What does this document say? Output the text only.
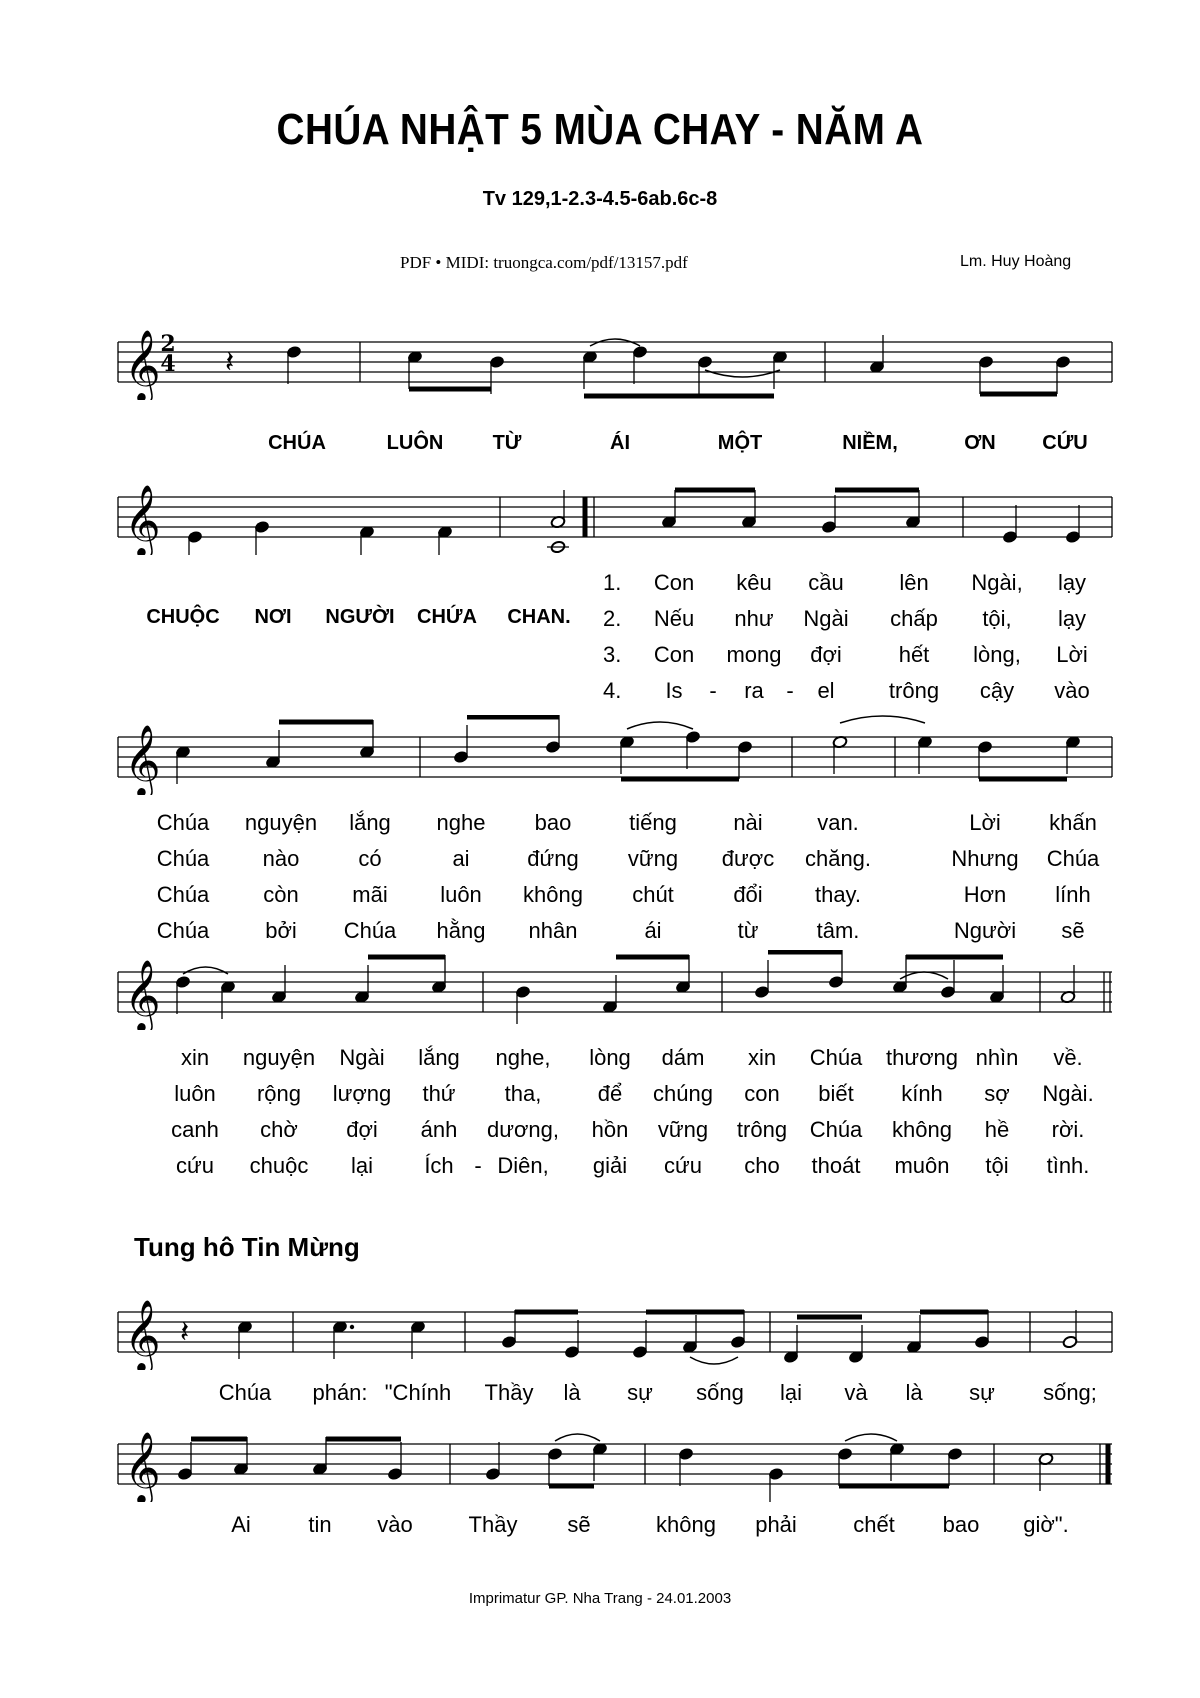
CHÚA NHẬT 5 MÙA CHAY - NĂM A
Tv 129,1-2.3-4.5-6ab.6c-8
PDF • MIDI: truongca.com/pdf/13157.pdf	Lm. Huy Hoàng
𝄞 𝄽
𝄞
𝄞
𝄞
𝄞 𝄽
𝄞
2
4
CHÚA	LUÔN TỪ	ÁI	MỘT	NIỀM,	ƠN CỨU
CHUỘC NƠI NGƯỜI CHỨA CHAN.
1. Con kêu cầu	lên Ngài, lạy
2. Nếu như Ngài chấp tội, lạy
3. Con mong đợi	hết lòng, Lời
4. Is - ra - el trông cậy vào
Chúa nguyện lắng nghe bao	tiếng	nài van.	Lời khấn
Chúa nào	có	ai	đứng vững được chăng.	Nhưng Chúa
Chúa còn mãi luôn không chút	đổi thay.	Hơn lính
Chúa	bởi Chúa hằng nhân	ái	từ	tâm.	Người sẽ
xin nguyện Ngài lắng nghe, lòng dám xin Chúa thương nhìn về.
luôn rộng lượng thứ tha,	để chúng con biết kính sợ Ngài.
canh chờ đợi ánh dương, hồn vững trông Chúa không hề rời.
cứu chuộc lại Ích - Diên, giải cứu cho thoát muôn tội tình.
Tung hô Tin Mừng
Chúa phán: "Chính Thầy là sự sống lại và là sự sống;
Ai	tin vào	Thầy sẽ	không phải	chết bao giờ".
Imprimatur GP. Nha Trang - 24.01.2003
